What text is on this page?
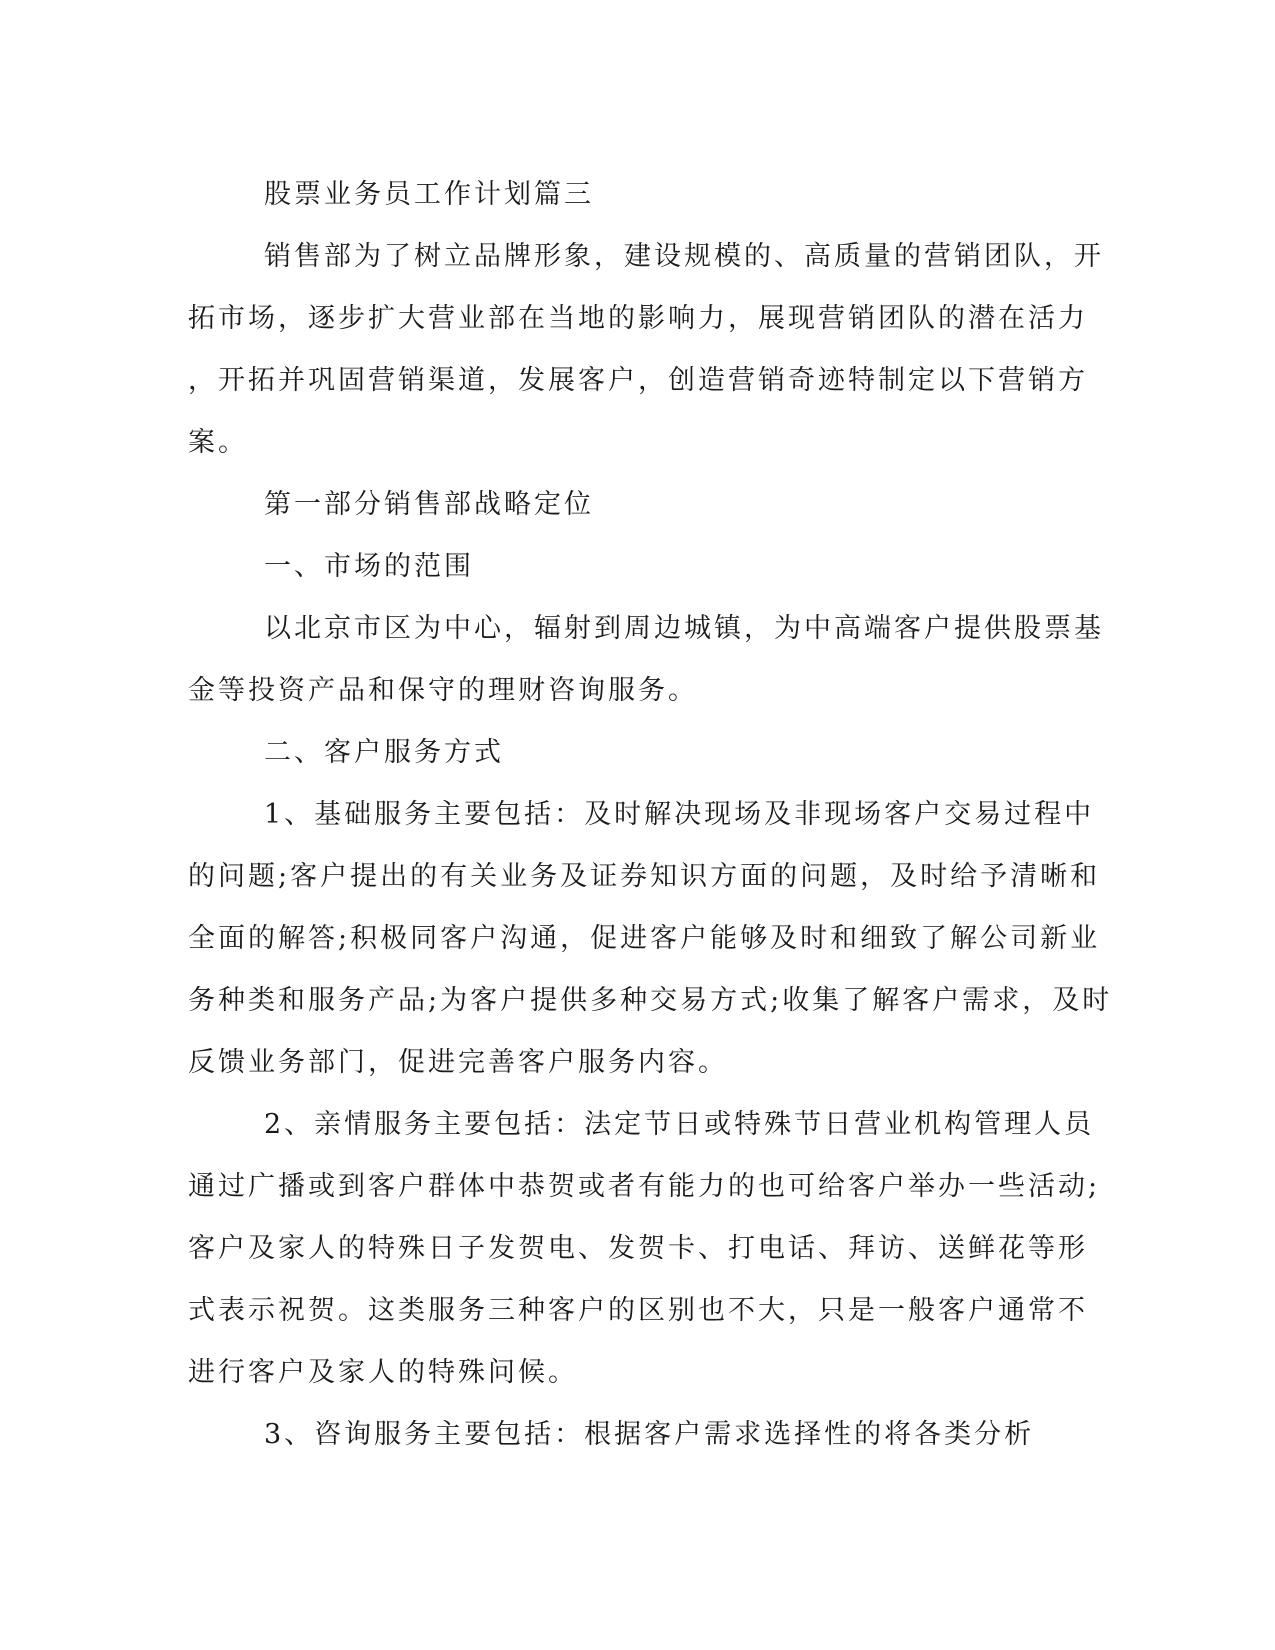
股票业务员工作计划篇三
销售部为了树立品牌形象，建设规模的、高质量的营销团队，开
拓市场，逐步扩大营业部在当地的影响力，展现营销团队的潜在活力
，开拓并巩固营销渠道，发展客户，创造营销奇迹特制定以下营销方
案。
第一部分销售部战略定位
一、市场的范围
以北京市区为中心，辐射到周边城镇，为中高端客户提供股票基
金等投资产品和保守的理财咨询服务。
二、客户服务方式
1、基础服务主要包括：及时解决现场及非现场客户交易过程中
的问题;客户提出的有关业务及证券知识方面的问题，及时给予清晰和
全面的解答;积极同客户沟通，促进客户能够及时和细致了解公司新业
务种类和服务产品;为客户提供多种交易方式;收集了解客户需求，及时
反馈业务部门，促进完善客户服务内容。
2、亲情服务主要包括：法定节日或特殊节日营业机构管理人员
通过广播或到客户群体中恭贺或者有能力的也可给客户举办一些活动;
客户及家人的特殊日子发贺电、发贺卡、打电话、拜访、送鲜花等形
式表示祝贺。这类服务三种客户的区别也不大，只是一般客户通常不
进行客户及家人的特殊问候。
3、咨询服务主要包括：根据客户需求选择性的将各类分析
